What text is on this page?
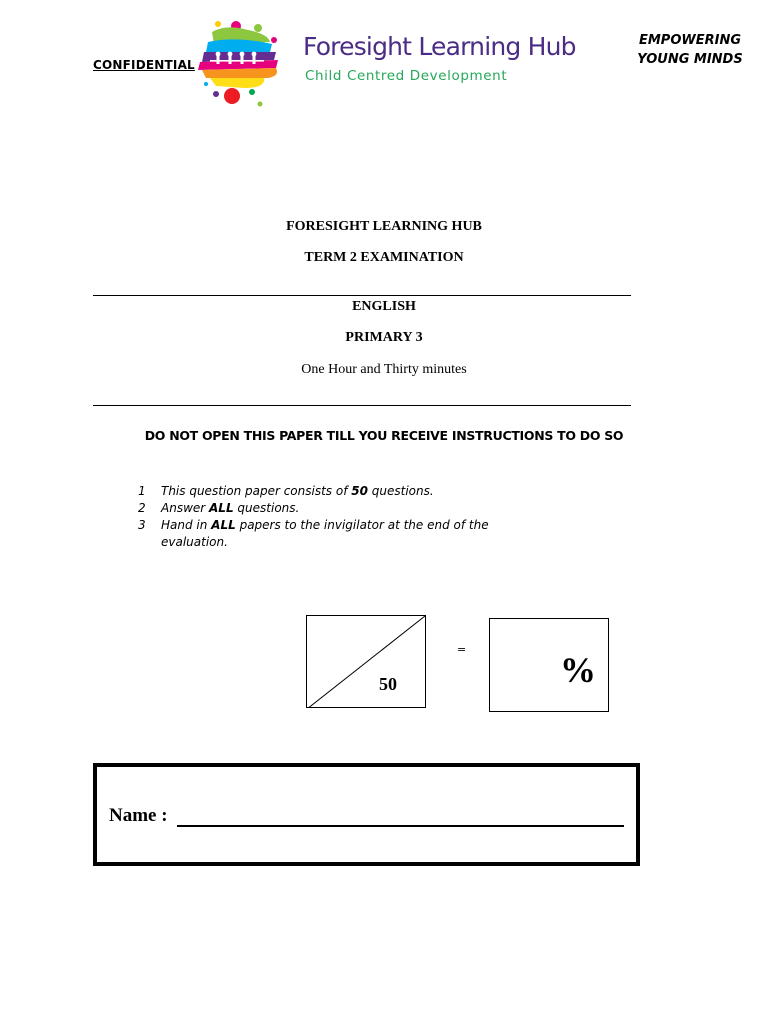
CONFIDENTIAL
Foresight Learning Hub
Child Centred Development
EMPOWERING
YOUNG MINDS
FORESIGHT LEARNING HUB
TERM 2 EXAMINATION
ENGLISH
PRIMARY 3
One Hour and Thirty minutes
DO NOT OPEN THIS PAPER TILL YOU RECEIVE INSTRUCTIONS TO DO SO
1	This question paper consists of 50 questions.
2	Answer ALL questions.
3	Hand in ALL papers to the invigilator at the end of the evaluation.
50
=
%
Name :
